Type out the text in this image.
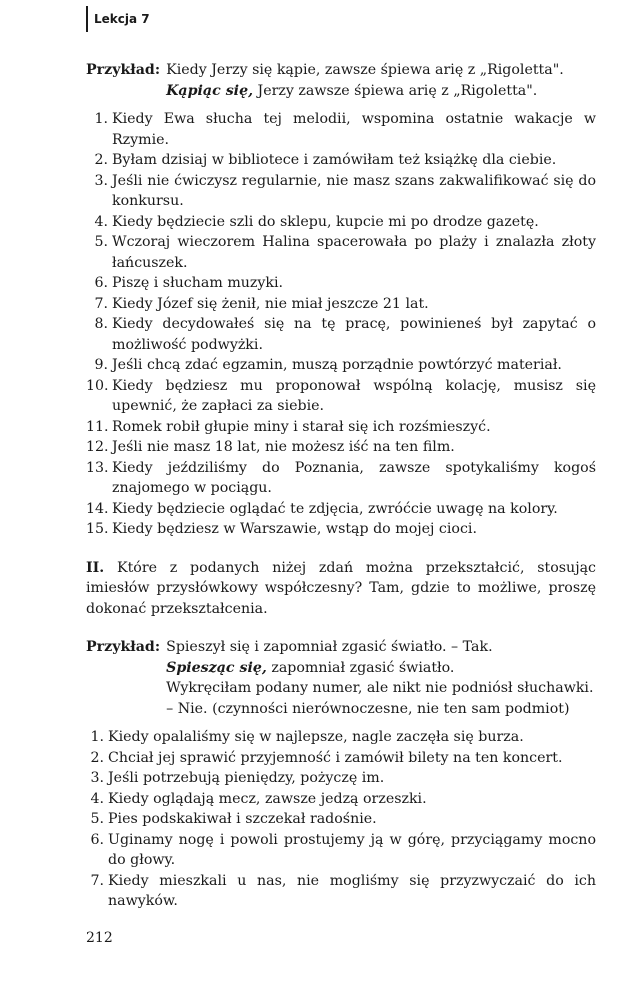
Lekcja 7
Przykład: Kiedy Jerzy się kąpie, zawsze śpiewa arię z „Rigoletta".
Kąpiąc się, Jerzy zawsze śpiewa arię z „Rigoletta".
1. Kiedy Ewa słucha tej melodii, wspomina ostatnie wakacje w Rzymie.
2. Byłam dzisiaj w bibliotece i zamówiłam też książkę dla ciebie.
3. Jeśli nie ćwiczysz regularnie, nie masz szans zakwalifikować się do konkursu.
4. Kiedy będziecie szli do sklepu, kupcie mi po drodze gazetę.
5. Wczoraj wieczorem Halina spacerowała po plaży i znalazła złoty łańcuszek.
6. Piszę i słucham muzyki.
7. Kiedy Józef się żenił, nie miał jeszcze 21 lat.
8. Kiedy decydowałeś się na tę pracę, powinieneś był zapytać o możliwość podwyżki.
9. Jeśli chcą zdać egzamin, muszą porządnie powtórzyć materiał.
10. Kiedy będziesz mu proponował wspólną kolację, musisz się upewnić, że zapłaci za siebie.
11. Romek robił głupie miny i starał się ich rozśmieszyć.
12. Jeśli nie masz 18 lat, nie możesz iść na ten film.
13. Kiedy jeździliśmy do Poznania, zawsze spotykaliśmy kogoś znajomego w pociągu.
14. Kiedy będziecie oglądać te zdjęcia, zwróćcie uwagę na kolory.
15. Kiedy będziesz w Warszawie, wstąp do mojej cioci.
II. Które z podanych niżej zdań można przekształcić, stosując imiesłów przysłówkowy współczesny? Tam, gdzie to możliwe, proszę dokonać przekształcenia.
Przykład: Spieszył się i zapomniał zgasić światło. – Tak.
Spiesząc się, zapomniał zgasić światło.
Wykręciłam podany numer, ale nikt nie podniósł słuchawki.
– Nie. (czynności nierównoczesne, nie ten sam podmiot)
1. Kiedy opalaliśmy się w najlepsze, nagle zaczęła się burza.
2. Chciał jej sprawić przyjemność i zamówił bilety na ten koncert.
3. Jeśli potrzebują pieniędzy, pożyczę im.
4. Kiedy oglądają mecz, zawsze jedzą orzeszki.
5. Pies podskakiwał i szczekał radośnie.
6. Uginamy nogę i powoli prostujemy ją w górę, przyciągamy mocno do głowy.
7. Kiedy mieszkali u nas, nie mogliśmy się przyzwyczaić do ich nawyków.
212
